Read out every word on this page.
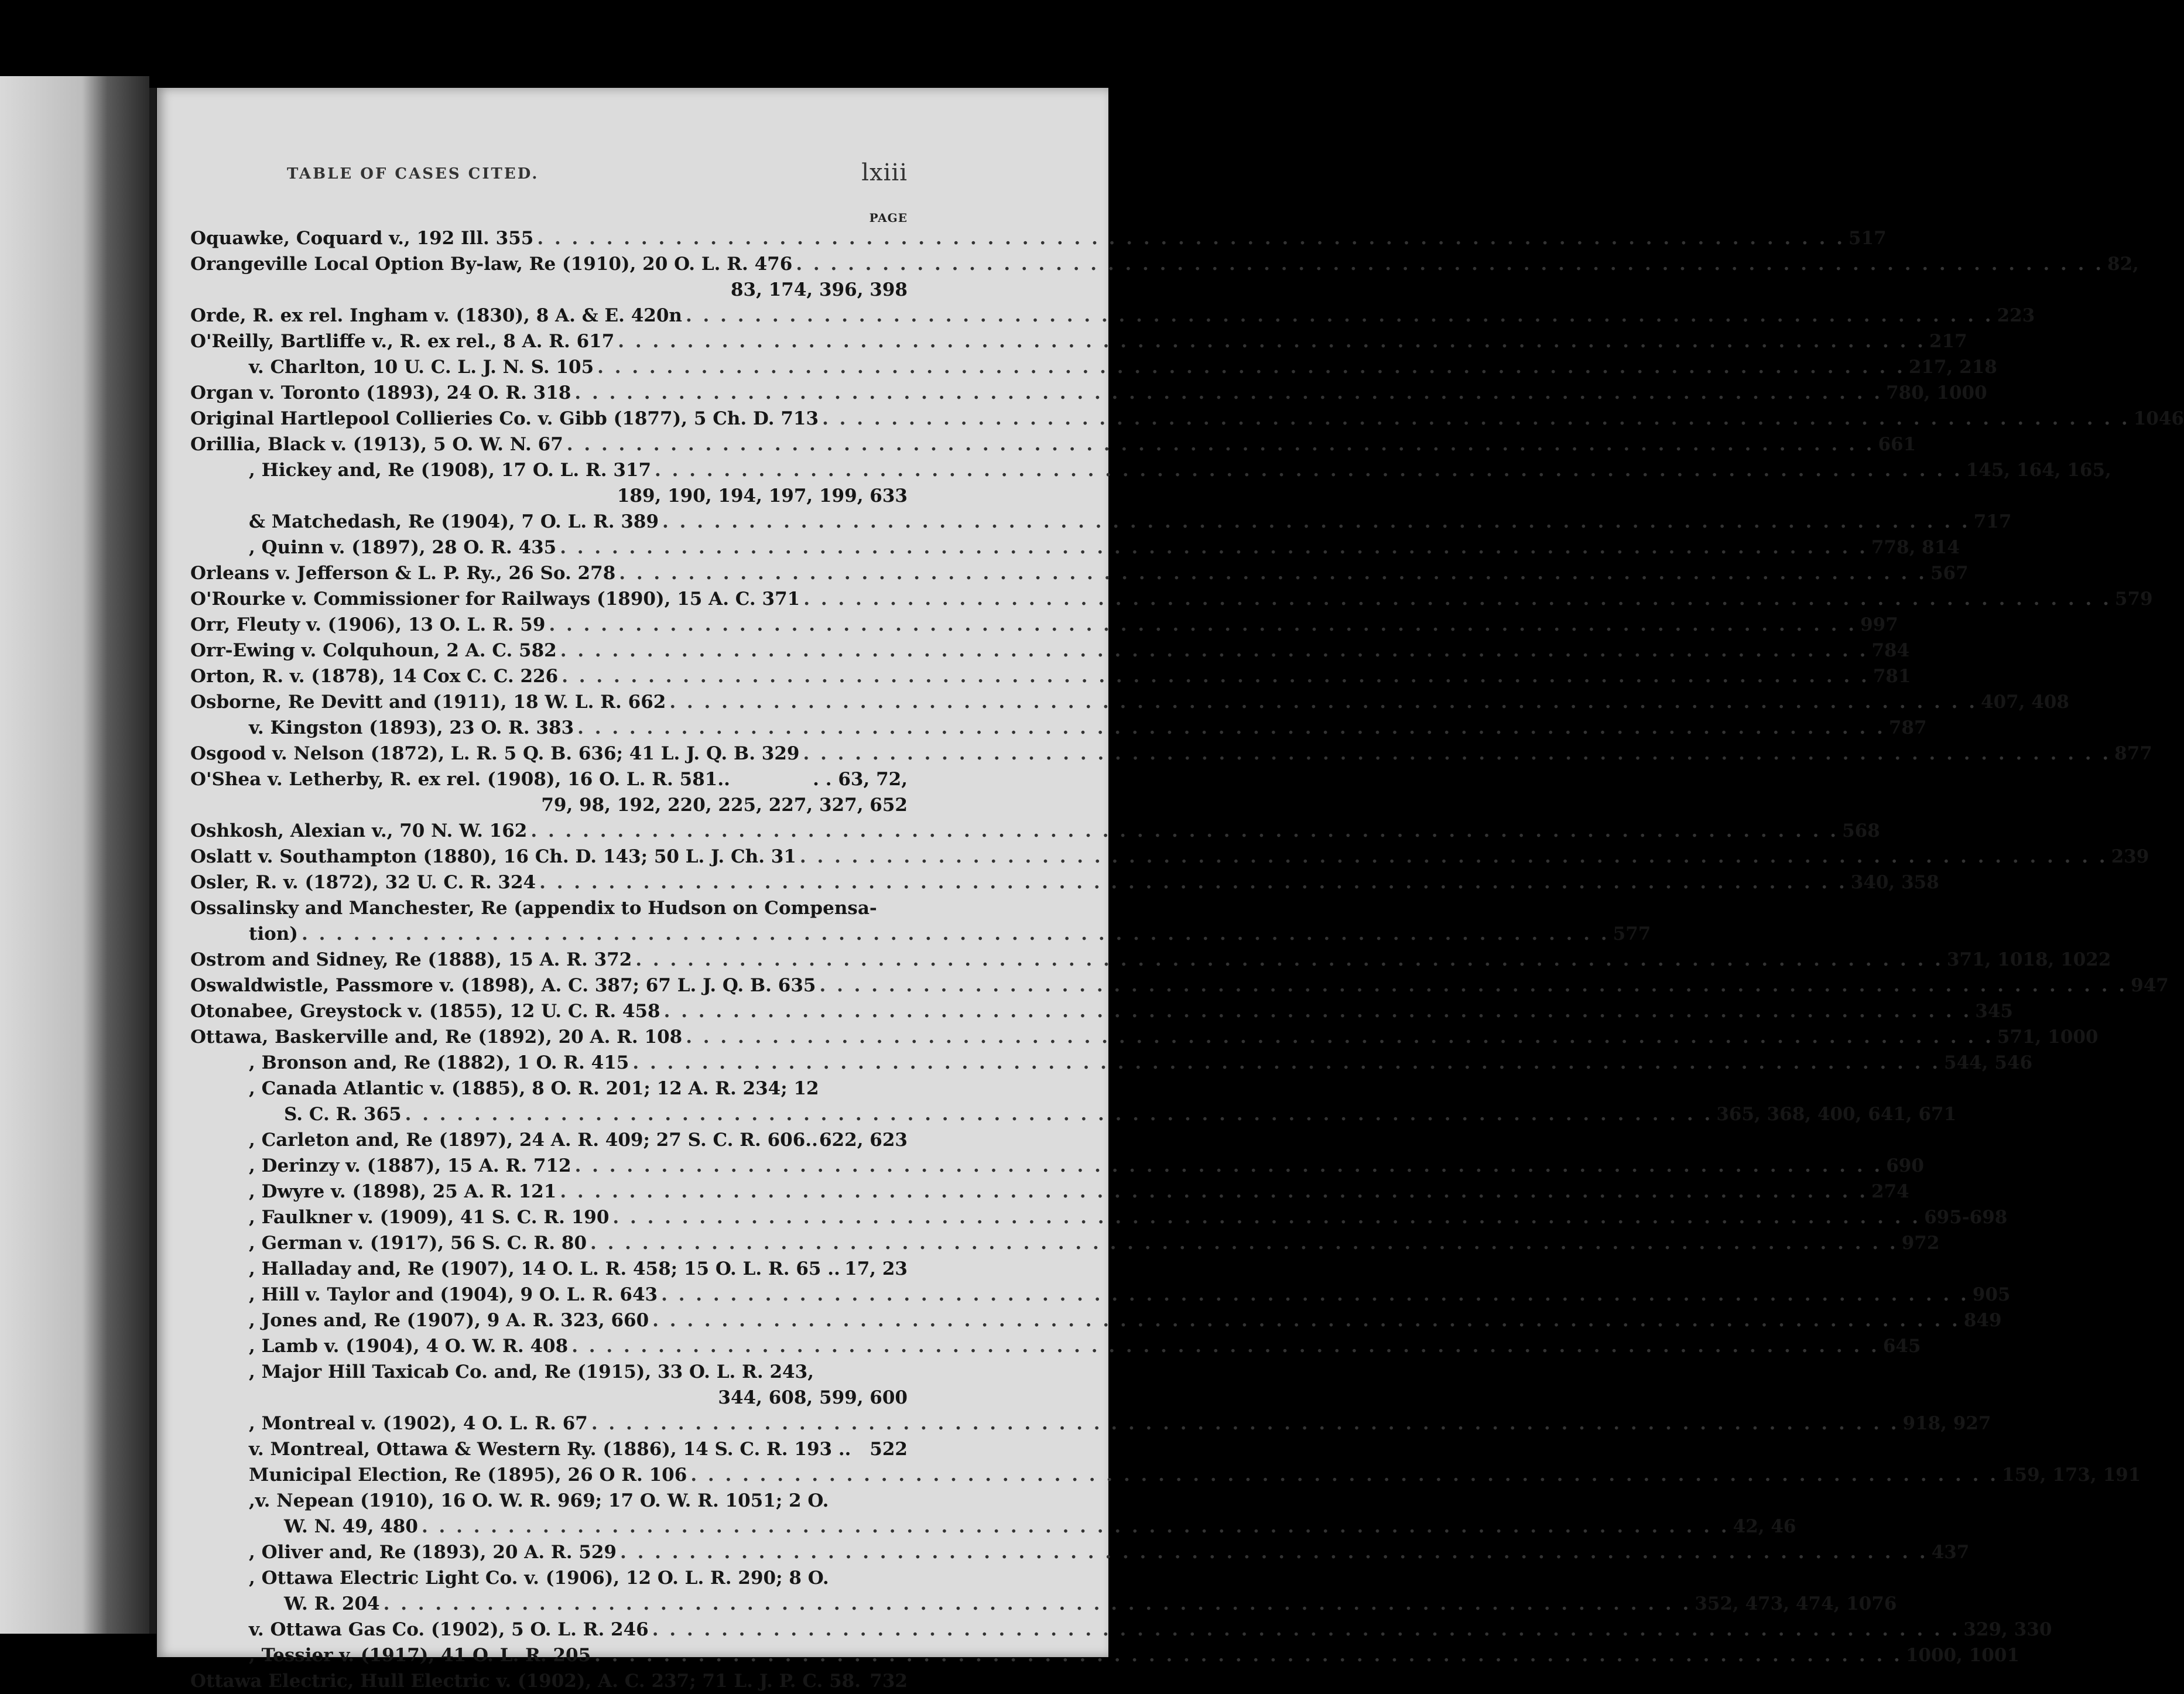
TABLE OF CASES CITED.	lxiii
PAGE
Oquawke, Coquard v., 192 Ill. 355 . . .	517
Orangeville Local Option By-law, Re (1910), 20 O. L. R. 476 . . .	82,
83, 174, 396, 398
Orde, R. ex rel. Ingham v. (1830), 8 A. & E. 420n . . .	223
O'Reilly, Bartliffe v., R. ex rel., 8 A. R. 617 . . .	217
v. Charlton, 10 U. C. L. J. N. S. 105 . . .	217, 218
Organ v. Toronto (1893), 24 O. R. 318 . . .	780, 1000
Original Hartlepool Collieries Co. v. Gibb (1877), 5 Ch. D. 713 . . .	1046
Orillia, Black v. (1913), 5 O. W. N. 67 . . .	661
, Hickey and, Re (1908), 17 O. L. R. 317 . . .	145, 164, 165,
189, 190, 194, 197, 199, 633
& Matchedash, Re (1904), 7 O. L. R. 389 . . .	717
, Quinn v. (1897), 28 O. R. 435 . . .	778, 814
Orleans v. Jefferson & L. P. Ry., 26 So. 278 . . .	567
O'Rourke v. Commissioner for Railways (1890), 15 A. C. 371 . . .	579
Orr, Fleuty v. (1906), 13 O. L. R. 59 . . .	997
Orr-Ewing v. Colquhoun, 2 A. C. 582 . . .	784
Orton, R. v. (1878), 14 Cox C. C. 226 . . .	781
Osborne, Re Devitt and (1911), 18 W. L. R. 662 . . .	407, 408
v. Kingston (1893), 23 O. R. 383 . . .	787
Osgood v. Nelson (1872), L. R. 5 Q. B. 636; 41 L. J. Q. B. 329 . . .	877
O'Shea v. Letherby, R. ex rel. (1908), 16 O. L. R. 581..	. . 63, 72,
79, 98, 192, 220, 225, 227, 327, 652
Oshkosh, Alexian v., 70 N. W. 162 . . .	568
Oslatt v. Southampton (1880), 16 Ch. D. 143; 50 L. J. Ch. 31 . . .	239
Osler, R. v. (1872), 32 U. C. R. 324 . . .	340, 358
Ossalinsky and Manchester, Re (appendix to Hudson on Compensa-
tion) . . .	577
Ostrom and Sidney, Re (1888), 15 A. R. 372 . . .	371, 1018, 1022
Oswaldwistle, Passmore v. (1898), A. C. 387; 67 L. J. Q. B. 635 . . .	947
Otonabee, Greystock v. (1855), 12 U. C. R. 458 . . .	345
Ottawa, Baskerville and, Re (1892), 20 A. R. 108 . . .	571, 1000
, Bronson and, Re (1882), 1 O. R. 415 . . .	544, 546
, Canada Atlantic v. (1885), 8 O. R. 201; 12 A. R. 234; 12
S. C. R. 365 . . .	365, 368, 400, 641, 671
, Carleton and, Re (1897), 24 A. R. 409; 27 S. C. R. 606.. 622, 623
, Derinzy v. (1887), 15 A. R. 712 . . .	690
, Dwyre v. (1898), 25 A. R. 121 . . .	274
, Faulkner v. (1909), 41 S. C. R. 190 . . .	695-698
, German v. (1917), 56 S. C. R. 80 . . .	972
, Halladay and, Re (1907), 14 O. L. R. 458; 15 O. L. R. 65 .. 17, 23
, Hill v. Taylor and (1904), 9 O. L. R. 643 . . .	905
, Jones and, Re (1907), 9 A. R. 323, 660 . . .	849
, Lamb v. (1904), 4 O. W. R. 408 . . .	645
, Major Hill Taxicab Co. and, Re (1915), 33 O. L. R. 243,
344, 608, 599, 600
, Montreal v. (1902), 4 O. L. R. 67 . . .	918, 927
v. Montreal, Ottawa & Western Ry. (1886), 14 S. C. R. 193 .. 522
Municipal Election, Re (1895), 26 O R. 106 . . .	159, 173, 191
,v. Nepean (1910), 16 O. W. R. 969; 17 O. W. R. 1051; 2 O.
W. N. 49, 480 . . .	42, 46
, Oliver and, Re (1893), 20 A. R. 529 . . .	437
, Ottawa Electric Light Co. v. (1906), 12 O. L. R. 290; 8 O.
W. R. 204 . . .	352, 473, 474, 1076
v. Ottawa Gas Co. (1902), 5 O. L. R. 246 . . .	329, 330
, Tessier v. (1917), 41 O. L. R. 205 . . .	1000, 1001
Ottawa Electric, Hull Electric v. (1902), A. C. 237; 71 L. J. P. C. 58. 732
